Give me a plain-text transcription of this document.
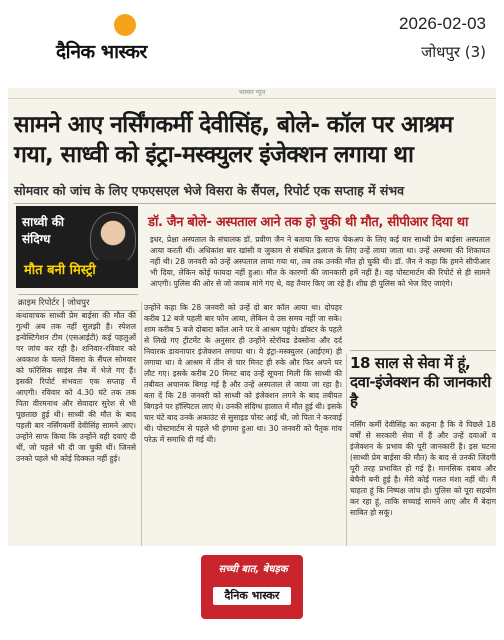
दैनिक भास्कर
2026-02-03
जोधपुर (3)
भास्कर न्यूज
सामने आए नर्सिंगकर्मी देवीसिंह, बोले- कॉल पर आश्रम
गया, साध्वी को इंट्रा-मस्क्युलर इंजेक्शन लगाया था
सोमवार को जांच के लिए एफएसएल भेजे विसरा के सैंपल, रिपोर्ट एक सप्ताह में संभव
साध्वी की संदिग्ध
मौत बनी मिस्ट्री
क्राइम रिपोर्टर | जोधपुर
डॉ. जैन बोले- अस्पताल आने तक हो चुकी थी मौत, सीपीआर दिया था
इधर, प्रेक्षा अस्पताल के संचालक डॉ. प्रवीण जैन ने बताया कि स्टाफ चेकअप के लिए कई बार साध्वी प्रेम बाईसा अस्पताल आया करती थीं। अधिकांश बार खांसी व जुकाम से संबंधित इलाज के लिए उन्हें लाया जाता था। उन्हें अस्थमा की शिकायत नहीं थी। 28 जनवरी को उन्हें अस्पताल लाया गया था, तब तक उनकी मौत हो चुकी थी। डॉ. जैन ने कहा कि हमने सीपीआर भी दिया, लेकिन कोई फायदा नहीं हुआ। मौत के कारणों की जानकारी हमें नहीं है। वह पोस्टमार्टम की रिपोर्ट से ही सामने आएगी। पुलिस की ओर से जो जवाब मांगे गए थे, वह तैयार किए जा रहे हैं। शीघ्र ही पुलिस को भेज दिए जाएंगे।
कथावाचक साध्वी प्रेम बाईसा की मौत की गुत्थी अब तक नहीं सुलझी है। स्पेशल इन्वेस्टिगेशन टीम (एसआईटी) कई पहलुओं पर जांच कर रही है। शनिवार-रविवार को अवकाश के चलते विसरा के सैंपल सोमवार को फॉरेंसिक साइंस लैब में भेजे गए हैं। इसकी रिपोर्ट संभवतः एक सप्ताह में आएगी। रविवार को 4.30 घंटे तक तक पिता वीरमनाथ और सेवादार सुरेश से भी पूछताछ हुई थी। साध्वी की मौत के बाद पहली बार नर्सिंगकर्मी देवीसिंह सामने आए। उन्होंने साफ किया कि उन्होंने वही दवाएं दी थीं, जो पहले भी दी जा चुकी थीं। जिनसे उनको पहले भी कोई दिक्कत नहीं हुई।
उन्होंने कहा कि 28 जनवरी को उन्हें दो बार कॉल आया था। दोपहर करीब 12 बजे पहली बार फोन आया, लेकिन वे उस समय नहीं जा सके। शाम करीब 5 बजे दोबारा कॉल आने पर वे आश्रम पहुंचे। डॉक्टर के पहले से लिखे गए ट्रीटमेंट के अनुसार ही उन्होंने स्टेरॉयड डेक्सोना और दर्द निवारक डायनापार इंजेक्शन लगाया था। ये इंट्रा-मस्क्युलर (आईएम) ही लगाया था। वे आश्रम में तीन से चार मिनट ही रुके और फिर अपने घर लौट गए। इसके करीब 20 मिनट बाद उन्हें सूचना मिली कि साध्वी की तबीयत अचानक बिगड़ गई है और उन्हें अस्पताल ले जाया जा रहा है। बता दें कि 28 जनवरी को साध्वी को इंजेक्शन लगने के बाद तबीयत बिगड़ने पर हॉस्पिटल लाए थे। उनकी संदिग्ध हालात में मौत हुई थी। इसके चार घंटे बाद उनके अकाउंट से सुसाइड पोस्ट आई थी, जो पिता ने करवाई थी। पोस्टमार्टम से पहले भी हंगामा हुआ था। 30 जनवरी को पैतृक गांव परेऊ में समाधि दी गई थी।
18 साल से सेवा में हूं, दवा-इंजेक्शन की जानकारी है
नर्सिंग कर्मी देवीसिंह का कहना है कि वे पिछले 18 वर्षों से सरकारी सेवा में हैं और उन्हें दवाओं व इंजेक्शन के प्रभाव की पूरी जानकारी है। इस घटना (साध्वी प्रेम बाईसा की मौत) के बाद से उनकी जिंदगी पूरी तरह प्रभावित हो गई है। मानसिक दबाव और बेचैनी बनी हुई है। मेरी कोई गलत मंशा नहीं थी। मैं चाहता हूं कि निष्पक्ष जांच हो। पुलिस को पूरा सहयोग कर रहा हूं, ताकि सच्चाई सामने आए और मैं बेदाग साबित हो सकूं।
सच्ची बात, बेधड़क
दैनिक भास्कर
